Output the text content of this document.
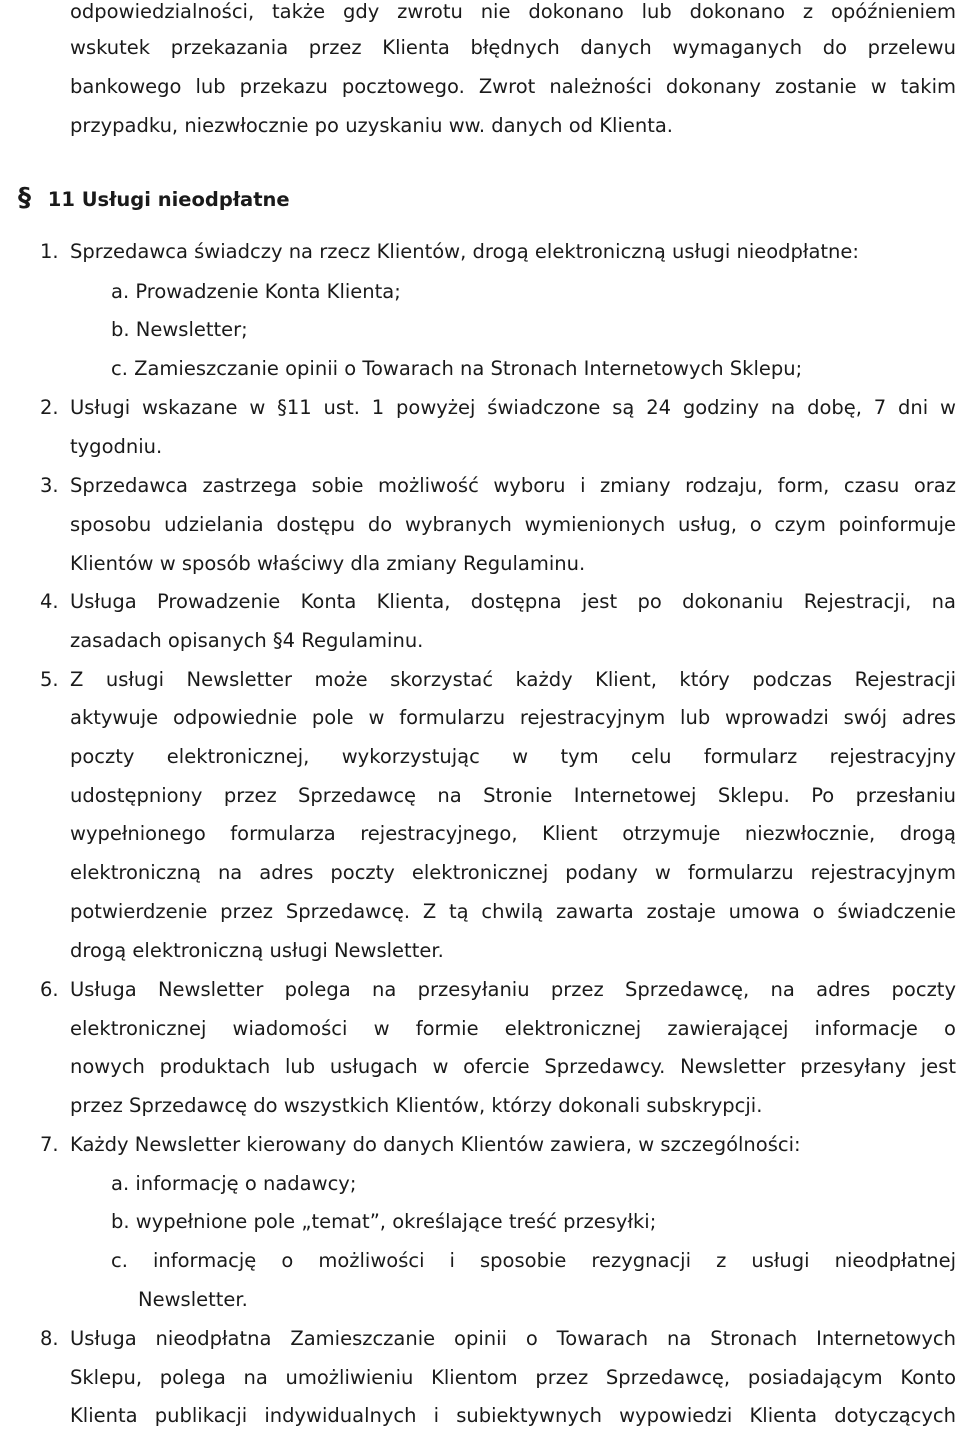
odpowiedzialności, także gdy zwrotu nie dokonano lub dokonano z opóźnieniem
wskutek przekazania przez Klienta błędnych danych wymaganych do przelewu
bankowego lub przekazu pocztowego. Zwrot należności dokonany zostanie w takim
przypadku, niezwłocznie po uzyskaniu ww. danych od Klienta.
§ 11 Usługi nieodpłatne
1. Sprzedawca świadczy na rzecz Klientów, drogą elektroniczną usługi nieodpłatne:
a. Prowadzenie Konta Klienta;
b. Newsletter;
c. Zamieszczanie opinii o Towarach na Stronach Internetowych Sklepu;
2. Usługi wskazane w §11 ust. 1 powyżej świadczone są 24 godziny na dobę, 7 dni w
tygodniu.
3. Sprzedawca zastrzega sobie możliwość wyboru i zmiany rodzaju, form, czasu oraz
sposobu udzielania dostępu do wybranych wymienionych usług, o czym poinformuje
Klientów w sposób właściwy dla zmiany Regulaminu.
4. Usługa Prowadzenie Konta Klienta, dostępna jest po dokonaniu Rejestracji, na
zasadach opisanych §4 Regulaminu.
5. Z usługi Newsletter może skorzystać każdy Klient, który podczas Rejestracji
aktywuje odpowiednie pole w formularzu rejestracyjnym lub wprowadzi swój adres
poczty elektronicznej, wykorzystując w tym celu formularz rejestracyjny
udostępniony przez Sprzedawcę na Stronie Internetowej Sklepu. Po przesłaniu
wypełnionego formularza rejestracyjnego, Klient otrzymuje niezwłocznie, drogą
elektroniczną na adres poczty elektronicznej podany w formularzu rejestracyjnym
potwierdzenie przez Sprzedawcę. Z tą chwilą zawarta zostaje umowa o świadczenie
drogą elektroniczną usługi Newsletter.
6. Usługa Newsletter polega na przesyłaniu przez Sprzedawcę, na adres poczty
elektronicznej wiadomości w formie elektronicznej zawierającej informacje o
nowych produktach lub usługach w ofercie Sprzedawcy. Newsletter przesyłany jest
przez Sprzedawcę do wszystkich Klientów, którzy dokonali subskrypcji.
7. Każdy Newsletter kierowany do danych Klientów zawiera, w szczególności:
a. informację o nadawcy;
b. wypełnione pole „temat”, określające treść przesyłki;
c. informację o możliwości i sposobie rezygnacji z usługi nieodpłatnej
Newsletter.
8. Usługa nieodpłatna Zamieszczanie opinii o Towarach na Stronach Internetowych
Sklepu, polega na umożliwieniu Klientom przez Sprzedawcę, posiadającym Konto
Klienta publikacji indywidualnych i subiektywnych wypowiedzi Klienta dotyczących
